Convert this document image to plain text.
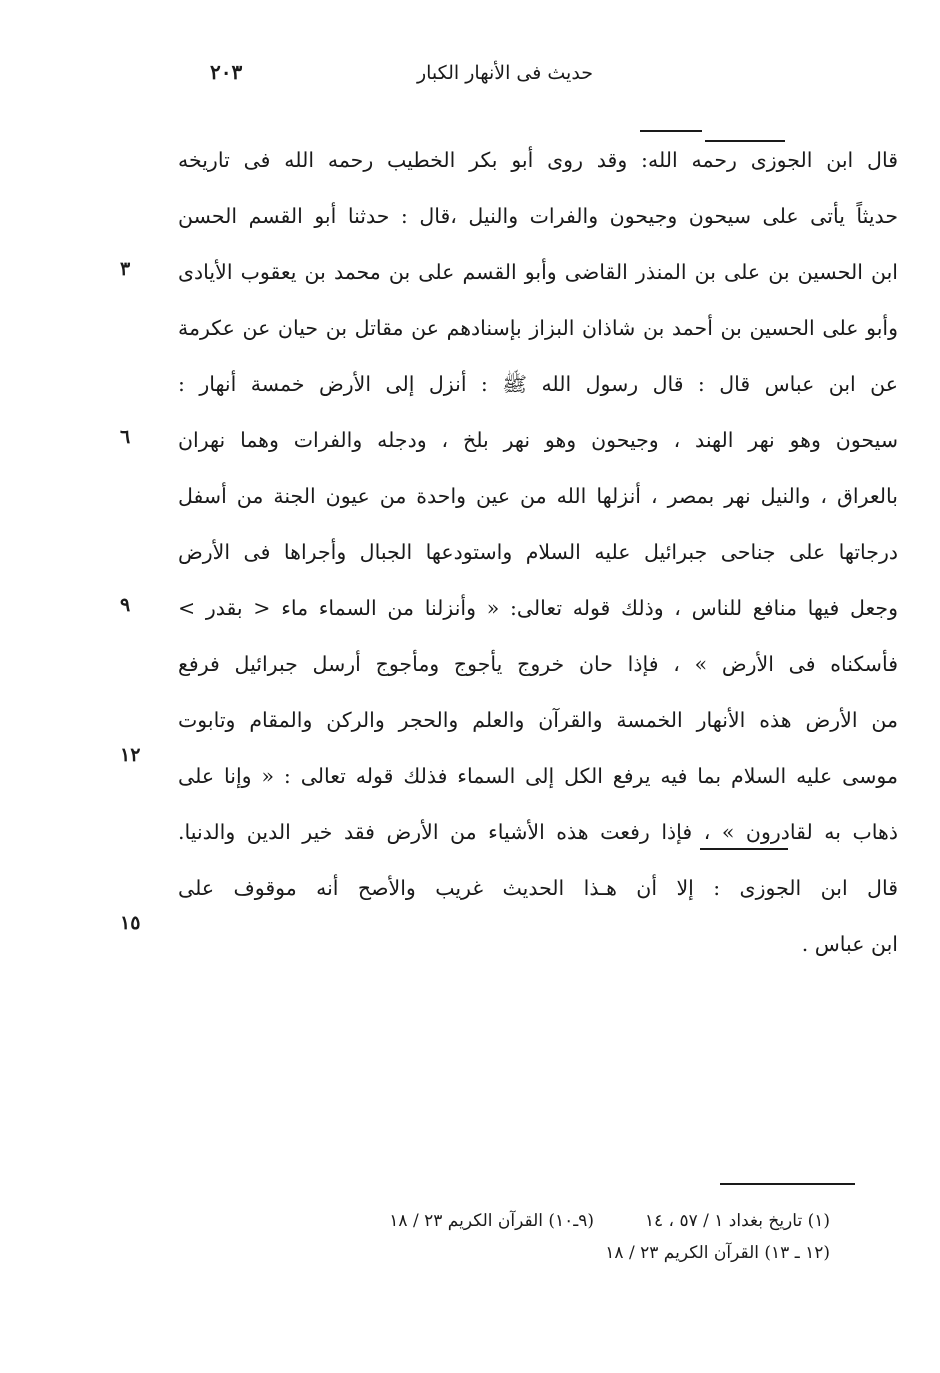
حديث فى الأنهار الكبار
٢٠٣
قال ابن الجوزى رحمه الله: وقد روى أبو بكر الخطيب رحمه الله فى تاريخه
حديثاً يأتى على سيحون وجيحون والفرات والنيل ،قال : حدثنا أبو القسم الحسن
ابن الحسين بن على بن المنذر القاضى وأبو القسم على بن محمد بن يعقوب الأيادى
وأبو على الحسين بن أحمد بن شاذان البزاز بإسنادهم عن مقاتل بن حيان عن عكرمة
عن ابن عباس قال : قال رسول الله ﷺ : أنزل إلى الأرض خمسة أنهار :
سيحون وهو نهر الهند ، وجيحون وهو نهر بلخ ، ودجله والفرات وهما نهران
بالعراق ، والنيل نهر بمصر ، أنزلها الله من عين واحدة من عيون الجنة من أسفل
درجاتها على جناحى جبرائيل عليه السلام واستودعها الجبال وأجراها فى الأرض
وجعل فيها منافع للناس ، وذلك قوله تعالى: « وأنزلنا من السماء ماء < بقدر >
فأسكناه فى الأرض » ، فإذا حان خروج يأجوج ومأجوج أرسل جبرائيل فرفع
من الأرض هذه الأنهار الخمسة والقرآن والعلم والحجر والركن والمقام وتابوت
موسى عليه السلام بما فيه يرفع الكل إلى السماء فذلك قوله تعالى : « وإنا على
ذهاب به لقادرون » ، فإذا رفعت هذه الأشياء من الأرض فقد خير الدين والدنيا.
قال ابن الجوزى : إلا أن هـذا الحديث غريب والأصح أنه موقوف على
ابن عباس .
٣
٦
٩
١٢
١٥
(١) تاريخ بغداد ١ / ٥٧ ، ١٤  (٩ـ١٠) القرآن الكريم ٢٣ / ١٨
(١٢ ـ ١٣) القرآن الكريم ٢٣ / ١٨
